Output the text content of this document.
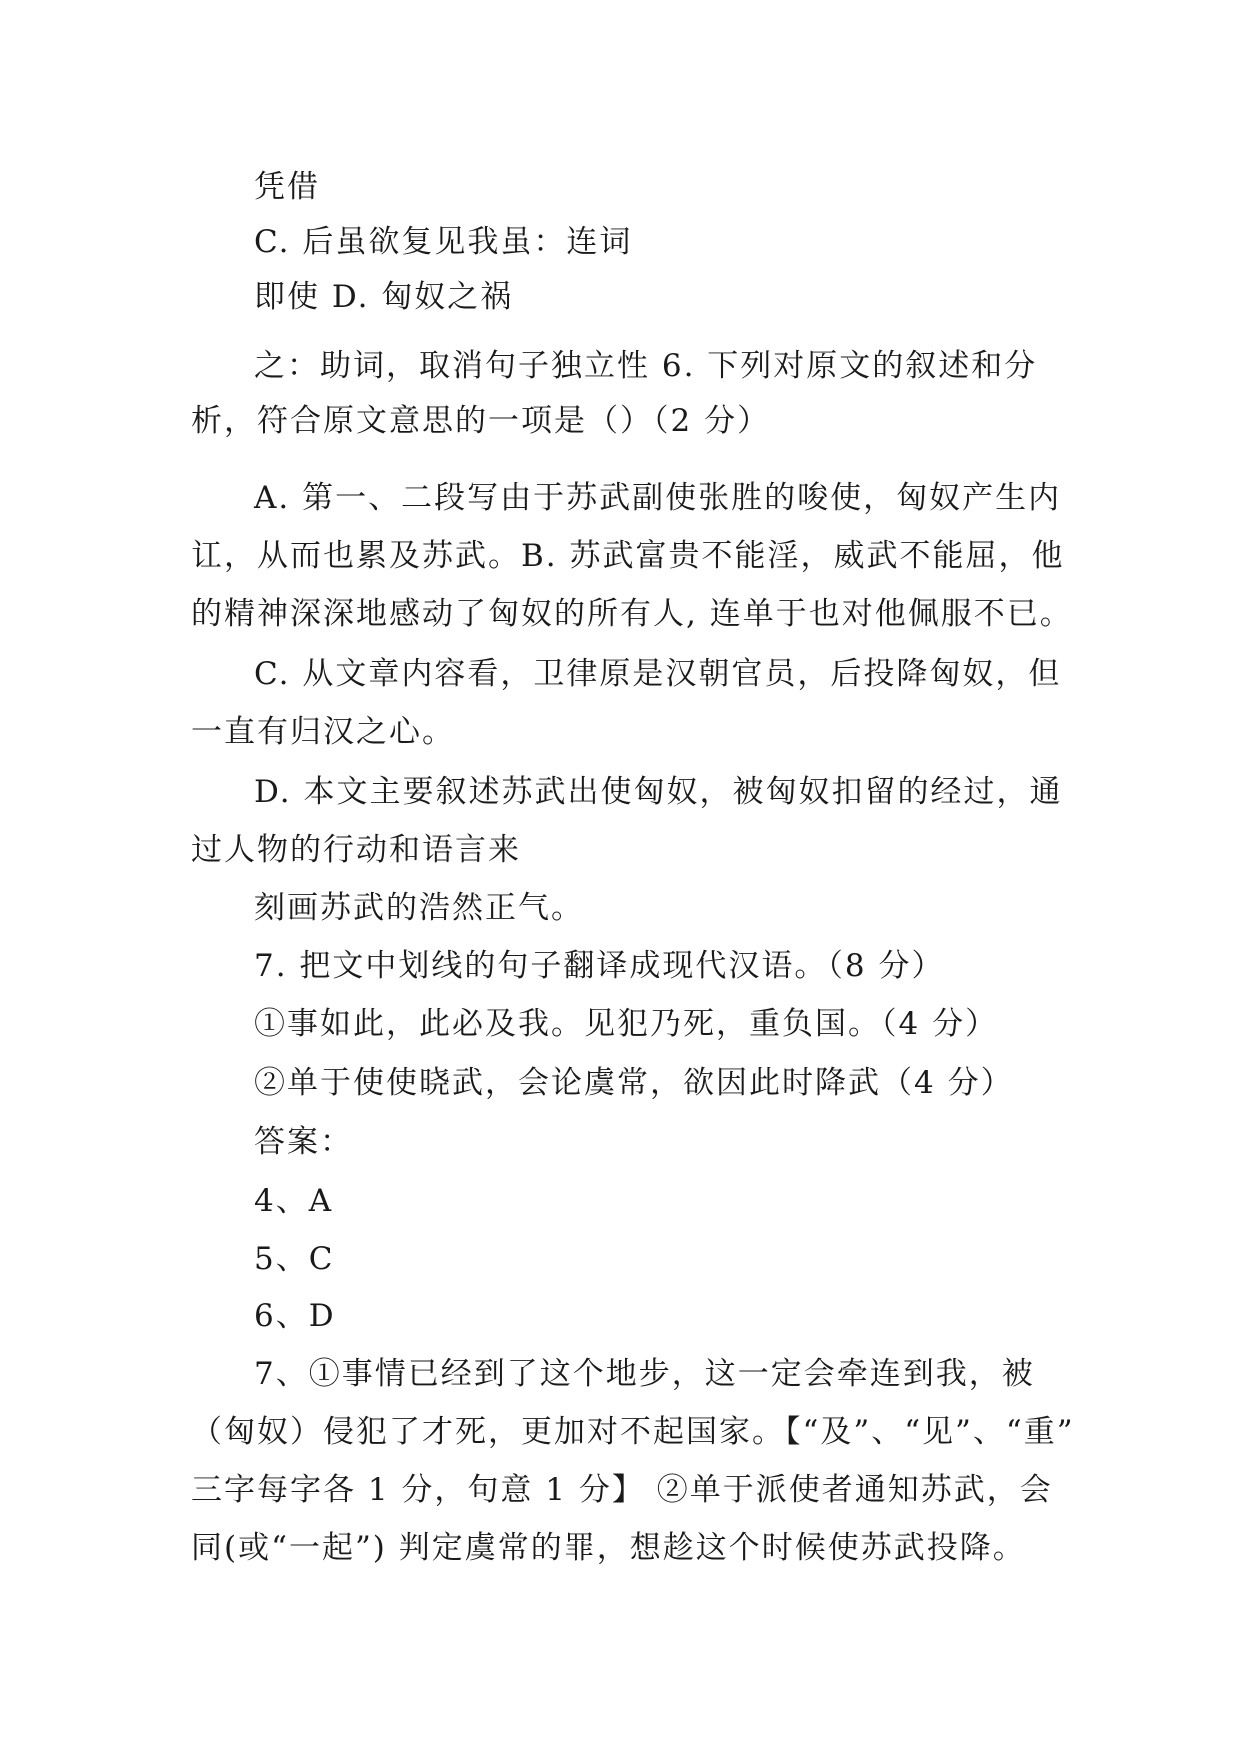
凭借
C. 后虽欲复见我虽：连词
即使 D. 匈奴之祸
之：助词，取消句子独立性 6. 下列对原文的叙述和分
析，符合原文意思的一项是（）（2 分）
A. 第一、二段写由于苏武副使张胜的唆使，匈奴产生内
讧，从而也累及苏武。B. 苏武富贵不能淫，威武不能屈，他
的精神深深地感动了匈奴的所有人, 连单于也对他佩服不已。
C. 从文章内容看，卫律原是汉朝官员，后投降匈奴，但
一直有归汉之心。
D. 本文主要叙述苏武出使匈奴，被匈奴扣留的经过，通
过人物的行动和语言来
刻画苏武的浩然正气。
7. 把文中划线的句子翻译成现代汉语。（8 分）
①事如此，此必及我。见犯乃死，重负国。（4 分）
②单于使使晓武，会论虞常，欲因此时降武（4 分）
答案：
4、A
5、C
6、D
7、①事情已经到了这个地步，这一定会牵连到我，被
（匈奴）侵犯了才死，更加对不起国家。【“及”、“见”、“重”
三字每字各 1 分，句意 1 分】 ②单于派使者通知苏武，会
同(或“一起”) 判定虞常的罪，想趁这个时候使苏武投降。
